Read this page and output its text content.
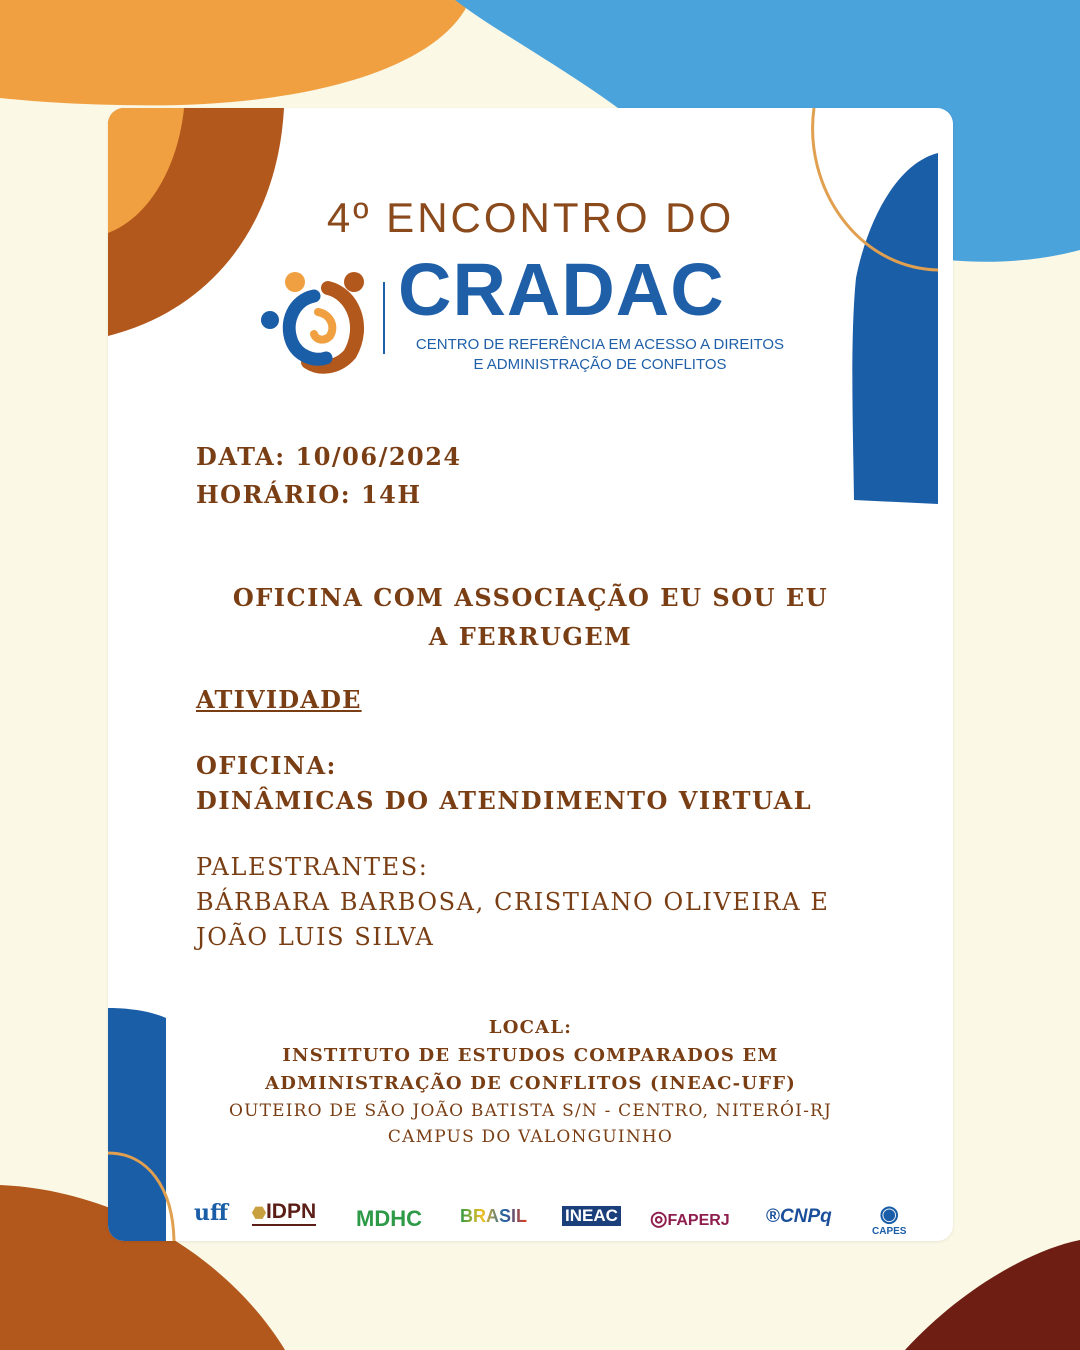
4º ENCONTRO DO
CRADAC
CENTRO DE REFERÊNCIA EM ACESSO A DIREITOS
E ADMINISTRAÇÃO DE CONFLITOS
DATA: 10/06/2024
HORÁRIO: 14H
OFICINA COM ASSOCIAÇÃO EU SOU EU
A FERRUGEM
ATIVIDADE
OFICINA:
DINÂMICAS DO ATENDIMENTO VIRTUAL
PALESTRANTES:
BÁRBARA BARBOSA, CRISTIANO OLIVEIRA E
JOÃO LUIS SILVA
LOCAL:
INSTITUTO DE ESTUDOS COMPARADOS EM
ADMINISTRAÇÃO DE CONFLITOS (INEAC-UFF)
OUTEIRO DE SÃO JOÃO BATISTA S/N - CENTRO, NITERÓI-RJ
CAMPUS DO VALONGUINHO
uff ⬣IDPN MDHC BRASIL INEAC ◎FAPERJ ®CNPq	◉
CAPES
